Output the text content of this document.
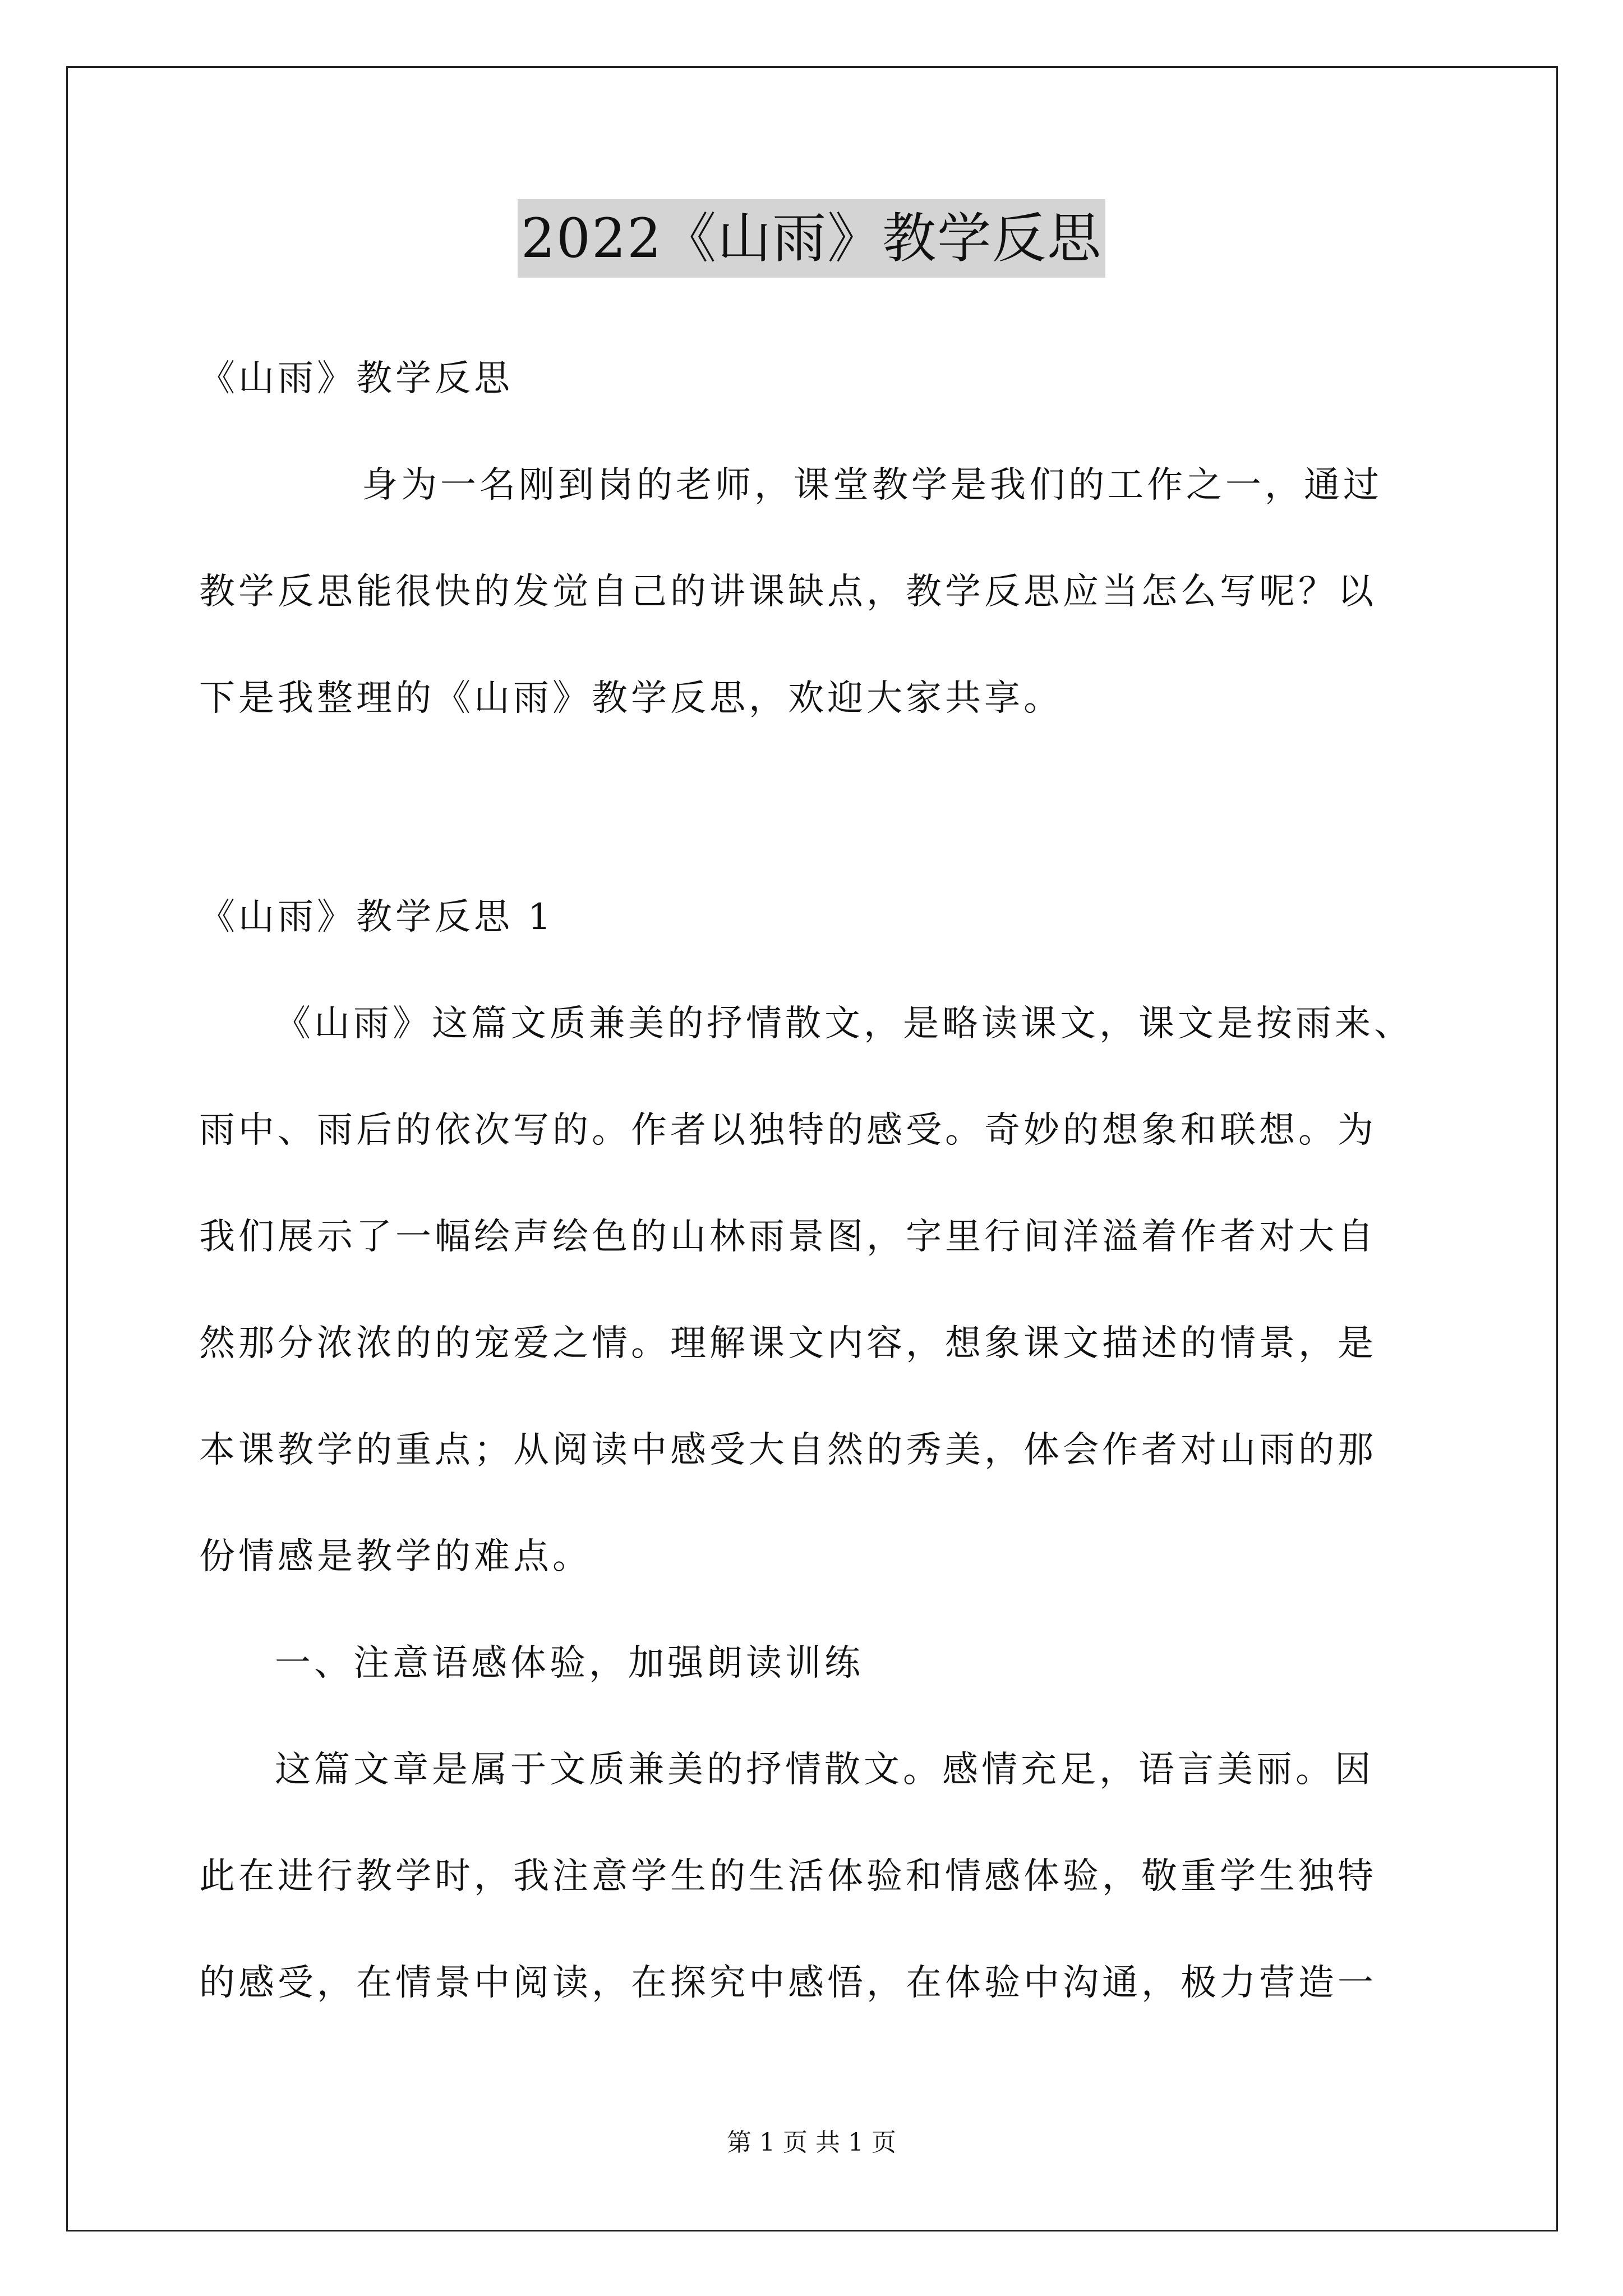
2022《山雨》教学反思
《山雨》教学反思
身为一名刚到岗的老师，课堂教学是我们的工作之一，通过
教学反思能很快的发觉自己的讲课缺点，教学反思应当怎么写呢？以
下是我整理的《山雨》教学反思，欢迎大家共享。
《山雨》教学反思 1
《山雨》这篇文质兼美的抒情散文，是略读课文，课文是按雨来、
雨中、雨后的依次写的。作者以独特的感受。奇妙的想象和联想。为
我们展示了一幅绘声绘色的山林雨景图，字里行间洋溢着作者对大自
然那分浓浓的的宠爱之情。理解课文内容，想象课文描述的情景，是
本课教学的重点；从阅读中感受大自然的秀美，体会作者对山雨的那
份情感是教学的难点。
一、注意语感体验，加强朗读训练
这篇文章是属于文质兼美的抒情散文。感情充足，语言美丽。因
此在进行教学时，我注意学生的生活体验和情感体验，敬重学生独特
的感受，在情景中阅读，在探究中感悟，在体验中沟通，极力营造一
第 1 页 共 1 页
